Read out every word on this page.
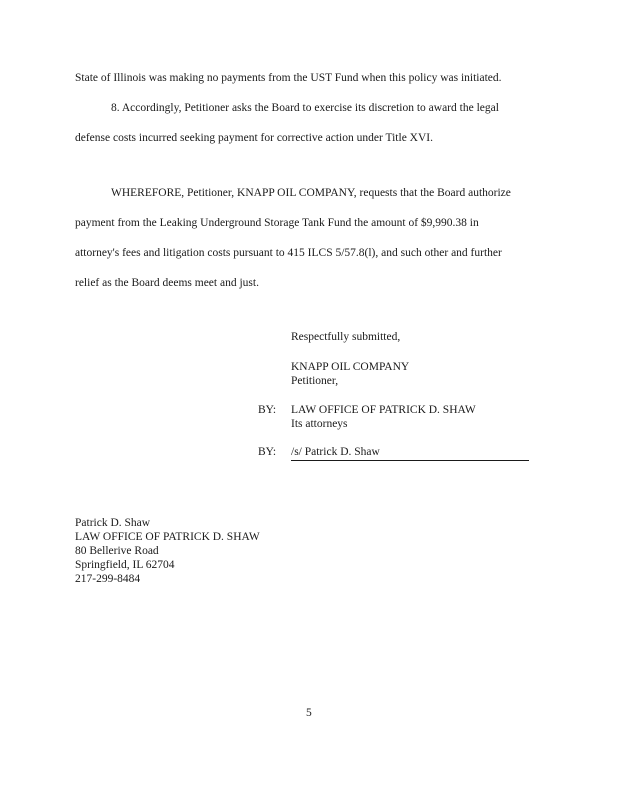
State of Illinois was making no payments from the UST Fund when this policy was initiated.
8. Accordingly, Petitioner asks the Board to exercise its discretion to award the legal
defense costs incurred seeking payment for corrective action under Title XVI.
WHEREFORE, Petitioner, KNAPP OIL COMPANY, requests that the Board authorize
payment from the Leaking Underground Storage Tank Fund the amount of $9,990.38 in
attorney's fees and litigation costs pursuant to 415 ILCS 5/57.8(l), and such other and further
relief as the Board deems meet and just.
Respectfully submitted,
KNAPP OIL COMPANY
Petitioner,
BY: LAW OFFICE OF PATRICK D. SHAW
Its attorneys
BY: /s/ Patrick D. Shaw
Patrick D. Shaw
LAW OFFICE OF PATRICK D. SHAW
80 Bellerive Road
Springfield, IL 62704
217-299-8484
5
